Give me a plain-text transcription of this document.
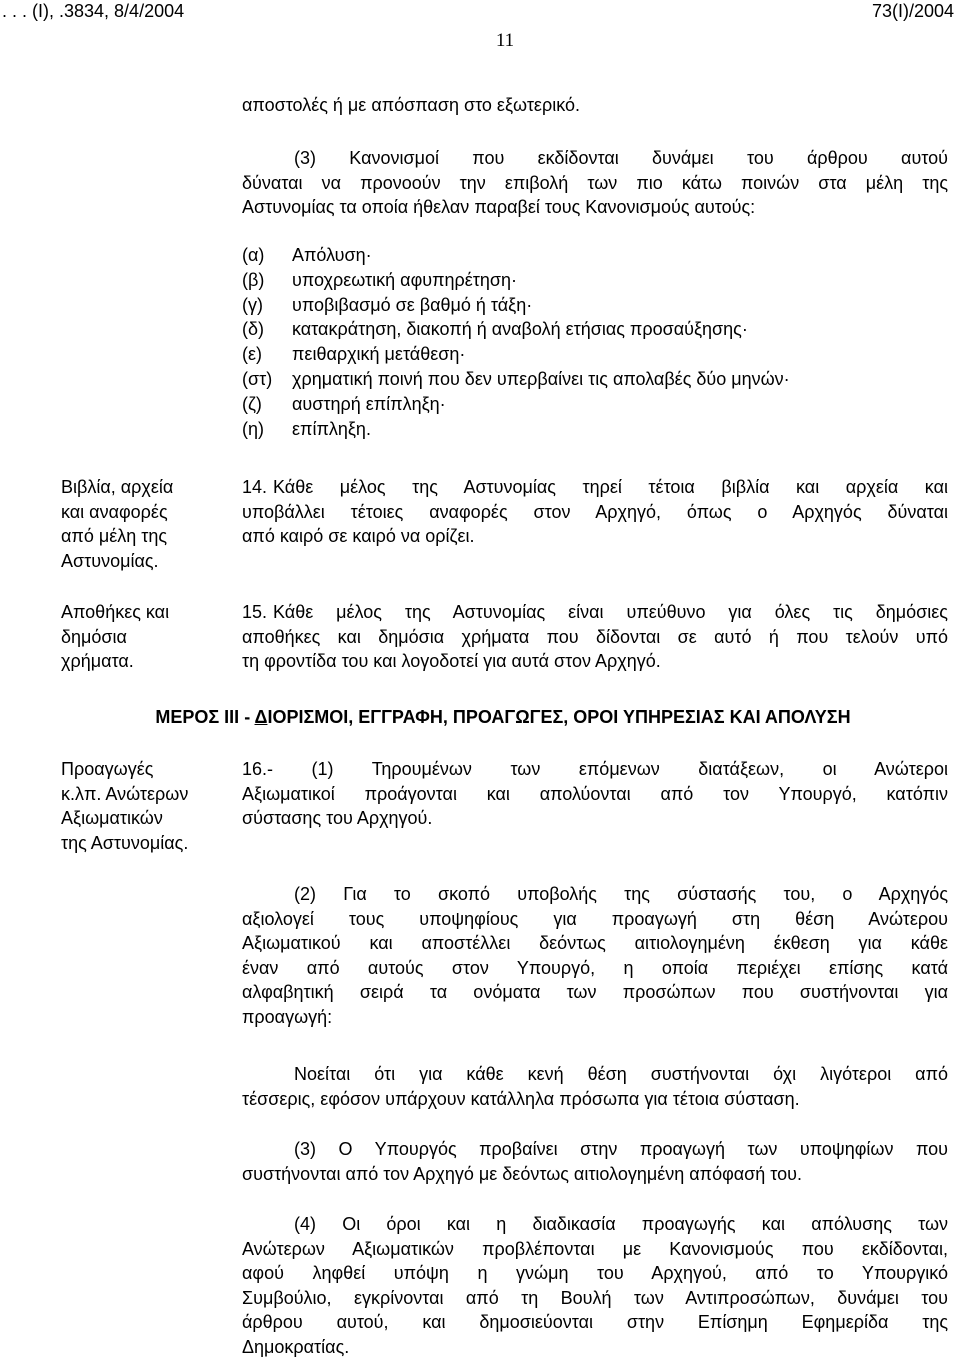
. . . (Ι), .3834, 8/4/2004	73(Ι)/2004
11
αποστολές ή με απόσπαση στο εξωτερικό.
(3) Κανονισμοί που εκδίδονται δυνάμει του άρθρου αυτού
δύναται να προνοούν την επιβολή των πιο κάτω ποινών στα μέλη της
Αστυνομίας τα οποία ήθελαν παραβεί τους Κανονισμούς αυτούς:
(α)	Απόλυση·
(β)	υποχρεωτική αφυπηρέτηση·
(γ)	υποβιβασμό σε βαθμό ή τάξη·
(δ)	κατακράτηση, διακοπή ή αναβολή ετήσιας προσαύξησης·
(ε)	πειθαρχική μετάθεση·
(στ)	χρηματική ποινή που δεν υπερβαίνει τις απολαβές δύο μηνών·
(ζ)	αυστηρή επίπληξη·
(η)	επίπληξη.
Βιβλία, αρχεία
και αναφορές
από μέλη της
Αστυνομίας.
14. Κάθε μέλος της Αστυνομίας τηρεί τέτοια βιβλία και αρχεία και
υποβάλλει τέτοιες αναφορές στον Αρχηγό, όπως ο Αρχηγός δύναται
από καιρό σε καιρό να ορίζει.
Αποθήκες και
δημόσια
χρήματα.
15. Κάθε μέλος της Αστυνομίας είναι υπεύθυνο για όλες τις δημόσιες
αποθήκες και δημόσια χρήματα που δίδονται σε αυτό ή που τελούν υπό
τη φροντίδα του και λογοδοτεί για αυτά στον Αρχηγό.
ΜΕΡΟΣ ΙΙΙ - ΔΙΟΡΙΣΜΟΙ, ΕΓΓΡΑΦΗ, ΠΡΟΑΓΩΓΕΣ, ΟΡΟΙ ΥΠΗΡΕΣΙΑΣ ΚΑΙ ΑΠΟΛΥΣΗ
Προαγωγές
κ.λπ. Ανώτερων
Αξιωματικών
της Αστυνομίας.
16.- (1) Τηρουμένων των επόμενων διατάξεων, οι Ανώτεροι
Αξιωματικοί προάγονται και απολύονται από τον Υπουργό, κατόπιν
σύστασης του Αρχηγού.
(2) Για το σκοπό υποβολής της σύστασής του, ο Αρχηγός
αξιολογεί τους υποψηφίους για προαγωγή στη θέση Ανώτερου
Αξιωματικού και αποστέλλει δεόντως αιτιολογημένη έκθεση για κάθε
έναν από αυτούς στον Υπουργό, η οποία περιέχει επίσης κατά
αλφαβητική σειρά τα ονόματα των προσώπων που συστήνονται για
προαγωγή:
Νοείται ότι για κάθε κενή θέση συστήνονται όχι λιγότεροι από
τέσσερις, εφόσον υπάρχουν κατάλληλα πρόσωπα για τέτοια σύσταση.
(3) Ο Υπουργός προβαίνει στην προαγωγή των υποψηφίων που
συστήνονται από τον Αρχηγό με δεόντως αιτιολογημένη απόφασή του.
(4) Οι όροι και η διαδικασία προαγωγής και απόλυσης των
Ανώτερων Αξιωματικών προβλέπονται με Κανονισμούς που εκδίδονται,
αφού ληφθεί υπόψη η γνώμη του Αρχηγού, από το Υπουργικό
Συμβούλιο, εγκρίνονται από τη Βουλή των Αντιπροσώπων, δυνάμει του
άρθρου αυτού, και δημοσιεύονται στην Επίσημη Εφημερίδα της
Δημοκρατίας.
